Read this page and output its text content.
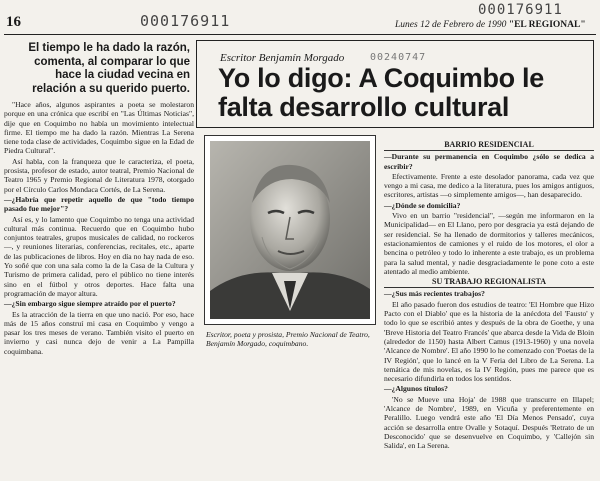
16	000176911
000176911
00240747
Lunes 12 de Febrero de 1990 "EL REGIONAL"
El tiempo le ha dado la razón, comenta, al comparar lo que hace la ciudad vecina en relación a su querido puerto.

"Hace años, algunos aspirantes a poeta se molestaron porque en una crónica que escribí en "Las Últimas Noticias", dije que en Coquimbo no había un movimiento intelectual firme. El tiempo me ha dado la razón. Mientras La Serena tiene toda clase de actividades, Coquimbo sigue en la Edad de Piedra Cultural".

Así habla, con la franqueza que le caracteriza, el poeta, prosista, profesor de estado, autor teatral, Premio Nacional de Teatro 1965 y Premio Regional de Literatura 1978, otorgado por el Círculo Carlos Mondaca Cortés, de La Serena.

—¿Habría que repetir aquello de que "todo tiempo pasado fue mejor"?

Así es, y lo lamento que Coquimbo no tenga una actividad cultural más continua. Recuerdo que en Coquimbo hubo conjuntos teatrales, grupos musicales de calidad, no rockeros—, y reuniones literarias, conferencias, recitales, etc., aparte de las publicaciones de libros. Hoy en día no hay nada de eso. Yo soñé que con una sala como la de la Casa de la Cultura y Turismo de primera calidad, pero el público no tiene interés sino en el fútbol y otros deportes. Hace falta una programación de mayor altura.

—¿Sin embargo sigue siempre atraído por el puerto?

Es la atracción de la tierra en que uno nació. Por eso, hace más de 15 años construí mi casa en Coquimbo y vengo a pasar los tres meses de verano. También visito el puerto en invierno y casi nunca dejo de venir a La Pampilla coquimbana.

Escritor Benjamín Morgado
Yo lo digo: A Coquimbo le falta desarrollo cultural
Escritor, poeta y prosista, Premio Nacional de Teatro, Benjamín Morgado, coquimbano.

BARRIO RESIDENCIAL

—Durante su permanencia en Coquimbo ¿sólo se dedica a escribir?

Efectivamente. Frente a este desolador panorama, cada vez que vengo a mi casa, me dedico a la literatura, pues los amigos antiguos, escritores, artistas —o simplemente amigos—, han desaparecido.

—¿Dónde se domicilia?

Vivo en un barrio "residencial", —según me informaron en la Municipalidad— en El Llano, pero por desgracia ya está dejando de ser residencial. Se ha llenado de dormitorios y talleres mecánicos, estacionamientos de camiones y el ruido de los motores, el olor a bencina o petróleo y todo lo inherente a este trabajo, es un problema para la salud mental, y nadie desgraciadamente le pone coto a este atentado al medio ambiente.

SU TRABAJO REGIONALISTA

—¿Sus más recientes trabajos?

El año pasado fueron dos estudios de teatro: 'El Hombre que Hizo Pacto con el Diablo' que es la historia de la anécdota del 'Fausto' y todo lo que se escribió antes y después de la obra de Goethe, y una 'Breve Historia del Teatro Francés' que abarca desde la Vida de Bloin (alrededor de 1150) hasta Albert Camus (1913-1960) y una novela 'Alcance de Nombre'. El año 1990 lo he comenzado con 'Poetas de la IV Región', que lo lancé en la V Feria del Libro de La Serena. La temática de mis novelas, es la IV Región, pues me parece que es necesario difundirla en todos los sentidos.

—¿Algunos títulos?

'No se Mueve una Hoja' de 1988 que transcurre en Illapel; 'Alcance de Nombre', 1989, en Vicuña y preferentemente en Peralillo. Luego vendrá este año 'El Día Menos Pensado', cuya acción se desarrolla entre Ovalle y Sotaquí. Después 'Retrato de un Desconocido' que se desenvuelve en Coquimbo, y 'Callejón sin Salida', en La Serena.
